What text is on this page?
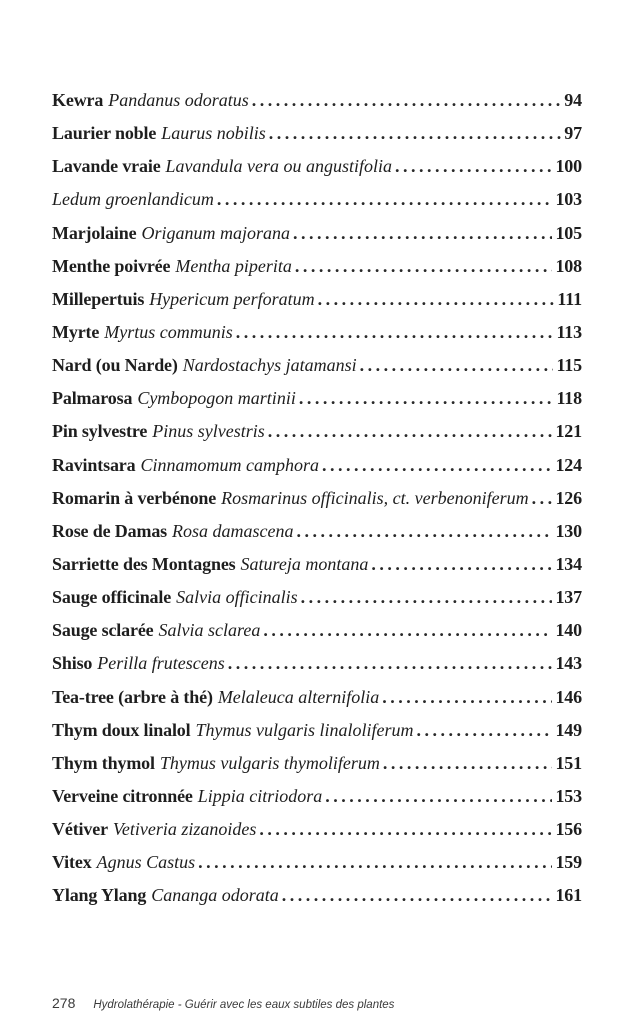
Kewra Pandanus odoratus .....	94
Laurier noble Laurus nobilis .....	97
Lavande vraie Lavandula vera ou angustifolia .....	100
Ledum groenlandicum .....	103
Marjolaine Origanum majorana .....	105
Menthe poivrée Mentha piperita .....	108
Millepertuis Hypericum perforatum .....	111
Myrte Myrtus communis .....	113
Nard (ou Narde) Nardostachys jatamansi .....	115
Palmarosa Cymbopogon martinii .....	118
Pin sylvestre Pinus sylvestris .....	121
Ravintsara Cinnamomum camphora .....	124
Romarin à verbénone Rosmarinus officinalis, ct. verbenoniferum ..... 126
Rose de Damas Rosa damascena .....	130
Sarriette des Montagnes Satureja montana .....	134
Sauge officinale Salvia officinalis .....	137
Sauge sclarée Salvia sclarea .....	140
Shiso Perilla frutescens .....	143
Tea-tree (arbre à thé) Melaleuca alternifolia .....	146
Thym doux linalol Thymus vulgaris linaloliferum .....	149
Thym thymol Thymus vulgaris thymoliferum .....	151
Verveine citronnée Lippia citriodora .....	153
Vétiver Vetiveria zizanoides .....	156
Vitex Agnus Castus .....	159
Ylang Ylang Cananga odorata .....	161
278 Hydrolathérapie - Guérir avec les eaux subtiles des plantes
